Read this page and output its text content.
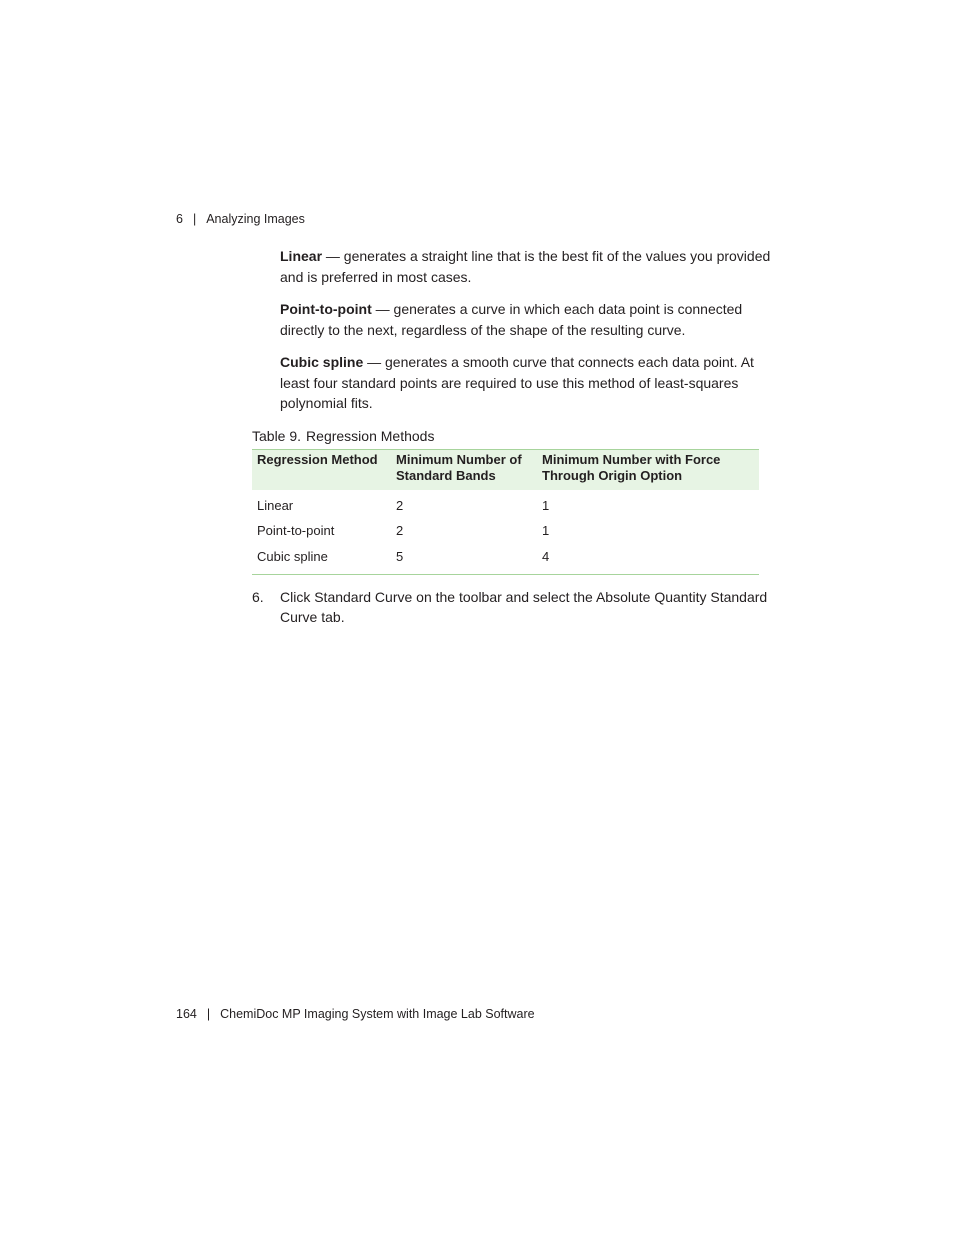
6 | Analyzing Images

Linear — generates a straight line that is the best fit of the values you provided and is preferred in most cases.

Point-to-point — generates a curve in which each data point is connected directly to the next, regardless of the shape of the resulting curve.

Cubic spline — generates a smooth curve that connects each data point. At least four standard points are required to use this method of least-squares polynomial fits.

Table 9. Regression Methods
Regression Method	Minimum Number of Standard Bands	Minimum Number with Force Through Origin Option
Linear	2	1
Point-to-point	2	1
Cubic spline	5	4
6. Click Standard Curve on the toolbar and select the Absolute Quantity Standard Curve tab.
164 | ChemiDoc MP Imaging System with Image Lab Software
